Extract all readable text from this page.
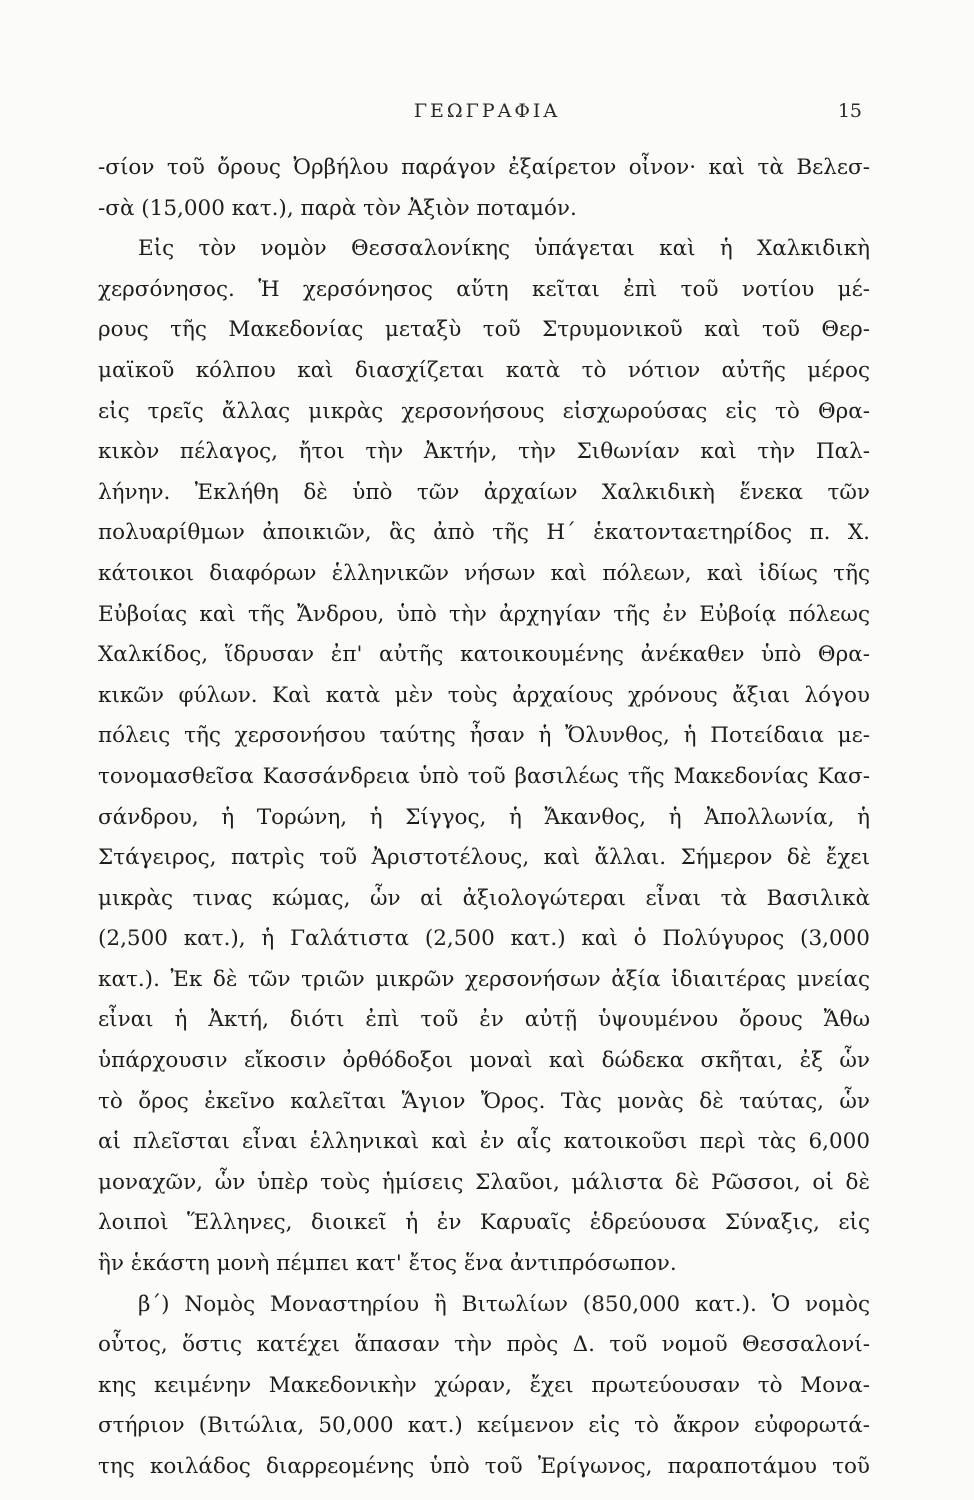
ΓΕΩΓΡΑΦΙΑ	15
-σίον τοῦ ὄρους Ὀρβήλου παράγον ἐξαίρετον οἶνον· καὶ τὰ Βελεσ-
-σὰ (15,000 κατ.), παρὰ τὸν Ἀξιὸν ποταμόν.
Εἰς τὸν νομὸν Θεσσαλονίκης ὑπάγεται καὶ ἡ Χαλκιδικὴ
χερσόνησος. Ἡ χερσόνησος αὕτη κεῖται ἐπὶ τοῦ νοτίου μέ-
ρους τῆς Μακεδονίας μεταξὺ τοῦ Στρυμονικοῦ καὶ τοῦ Θερ-
μαϊκοῦ κόλπου καὶ διασχίζεται κατὰ τὸ νότιον αὐτῆς μέρος
εἰς τρεῖς ἄλλας μικρὰς χερσονήσους εἰσχωρούσας εἰς τὸ Θρα-
κικὸν πέλαγος, ἤτοι τὴν Ἀκτήν, τὴν Σιθωνίαν καὶ τὴν Παλ-
λήνην. Ἐκλήθη δὲ ὑπὸ τῶν ἀρχαίων Χαλκιδικὴ ἕνεκα τῶν
πολυαρίθμων ἀποικιῶν, ἃς ἀπὸ τῆς Η΄ ἑκατονταετηρίδος π. Χ.
κάτοικοι διαφόρων ἑλληνικῶν νήσων καὶ πόλεων, καὶ ἰδίως τῆς
Εὐβοίας καὶ τῆς Ἄνδρου, ὑπὸ τὴν ἀρχηγίαν τῆς ἐν Εὐβοίᾳ πόλεως
Χαλκίδος, ἵδρυσαν ἐπ' αὐτῆς κατοικουμένης ἀνέκαθεν ὑπὸ Θρα-
κικῶν φύλων. Καὶ κατὰ μὲν τοὺς ἀρχαίους χρόνους ἄξιαι λόγου
πόλεις τῆς χερσονήσου ταύτης ἦσαν ἡ Ὄλυνθος, ἡ Ποτείδαια με-
τονομασθεῖσα Κασσάνδρεια ὑπὸ τοῦ βασιλέως τῆς Μακεδονίας Κασ-
σάνδρου, ἡ Τορώνη, ἡ Σίγγος, ἡ Ἄκανθος, ἡ Ἀπολλωνία, ἡ
Στάγειρος, πατρὶς τοῦ Ἀριστοτέλους, καὶ ἄλλαι. Σήμερον δὲ ἔχει
μικρὰς τινας κώμας, ὧν αἱ ἀξιολογώτεραι εἶναι τὰ Βασιλικὰ
(2,500 κατ.), ἡ Γαλάτιστα (2,500 κατ.) καὶ ὁ Πολύγυρος (3,000
κατ.). Ἐκ δὲ τῶν τριῶν μικρῶν χερσονήσων ἀξία ἰδιαιτέρας μνείας
εἶναι ἡ Ἀκτή, διότι ἐπὶ τοῦ ἐν αὐτῇ ὑψουμένου ὄρους Ἄθω
ὑπάρχουσιν εἴκοσιν ὀρθόδοξοι μοναὶ καὶ δώδεκα σκῆται, ἐξ ὧν
τὸ ὄρος ἐκεῖνο καλεῖται Ἅγιον Ὄρος. Τὰς μονὰς δὲ ταύτας, ὧν
αἱ πλεῖσται εἶναι ἑλληνικαὶ καὶ ἐν αἷς κατοικοῦσι περὶ τὰς 6,000
μοναχῶν, ὧν ὑπὲρ τοὺς ἡμίσεις Σλαῦοι, μάλιστα δὲ Ρῶσσοι, οἱ δὲ
λοιποὶ Ἕλληνες, διοικεῖ ἡ ἐν Καρυαῖς ἑδρεύουσα Σύναξις, εἰς
ἣν ἑκάστη μονὴ πέμπει κατ' ἔτος ἕνα ἀντιπρόσωπον.
β΄) Νομὸς Μοναστηρίου ἢ Βιτωλίων (850,000 κατ.). Ὁ νομὸς
οὗτος, ὅστις κατέχει ἅπασαν τὴν πρὸς Δ. τοῦ νομοῦ Θεσσαλονί-
κης κειμένην Μακεδονικὴν χώραν, ἔχει πρωτεύουσαν τὸ Μονα-
στήριον (Βιτώλια, 50,000 κατ.) κείμενον εἰς τὸ ἄκρον εὐφορωτά-
της κοιλάδος διαρρεομένης ὑπὸ τοῦ Ἐρίγωνος, παραποτάμου τοῦ
